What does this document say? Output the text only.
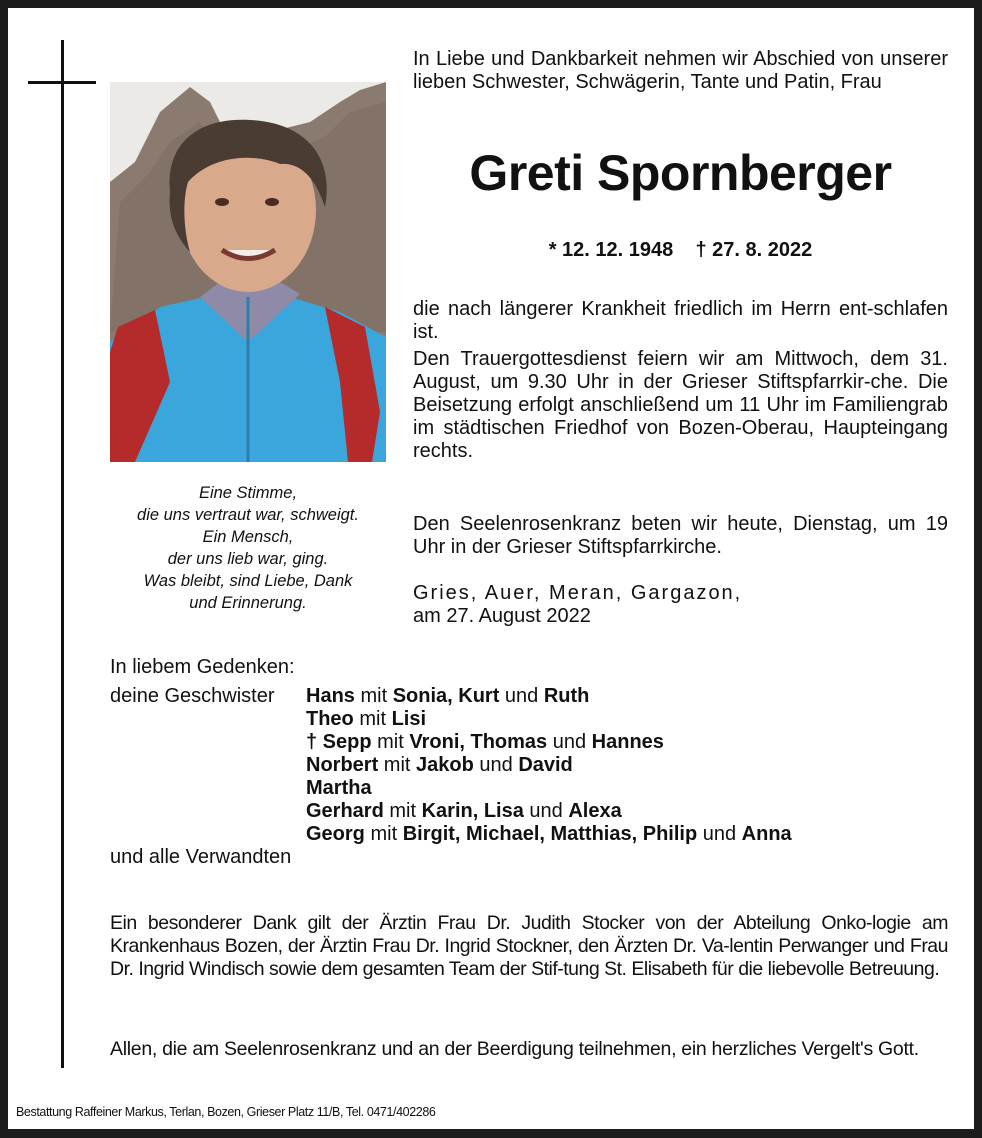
Eine Stimme,
die uns vertraut war, schweigt.
Ein Mensch,
der uns lieb war, ging.
Was bleibt, sind Liebe, Dank
und Erinnerung.
In Liebe und Dankbarkeit nehmen wir Abschied von unserer lieben Schwester, Schwägerin, Tante und Patin, Frau
Greti Spornberger
* 12. 12. 1948 † 27. 8. 2022
die nach längerer Krankheit friedlich im Herrn ent-schlafen ist.
Den Trauergottesdienst feiern wir am Mittwoch, dem 31. August, um 9.30 Uhr in der Grieser Stiftspfarrkir-che. Die Beisetzung erfolgt anschließend um 11 Uhr im Familiengrab im städtischen Friedhof von Bozen-Oberau, Haupteingang rechts.
Den Seelenrosenkranz beten wir heute, Dienstag, um 19 Uhr in der Grieser Stiftspfarrkirche.
Gries, Auer, Meran, Gargazon,
am 27. August 2022
In liebem Gedenken:
deine Geschwister Hans mit Sonia, Kurt und Ruth
Theo mit Lisi
† Sepp mit Vroni, Thomas und Hannes
Norbert mit Jakob und David
Martha
Gerhard mit Karin, Lisa und Alexa
Georg mit Birgit, Michael, Matthias, Philip und Anna
und alle Verwandten
Ein besonderer Dank gilt der Ärztin Frau Dr. Judith Stocker von der Abteilung Onko-logie am Krankenhaus Bozen, der Ärztin Frau Dr. Ingrid Stockner, den Ärzten Dr. Va-lentin Perwanger und Frau Dr. Ingrid Windisch sowie dem gesamten Team der Stif-tung St. Elisabeth für die liebevolle Betreuung.
Allen, die am Seelenrosenkranz und an der Beerdigung teilnehmen, ein herzliches Vergelt's Gott.
Bestattung Raffeiner Markus, Terlan, Bozen, Grieser Platz 11/B, Tel. 0471/402286
